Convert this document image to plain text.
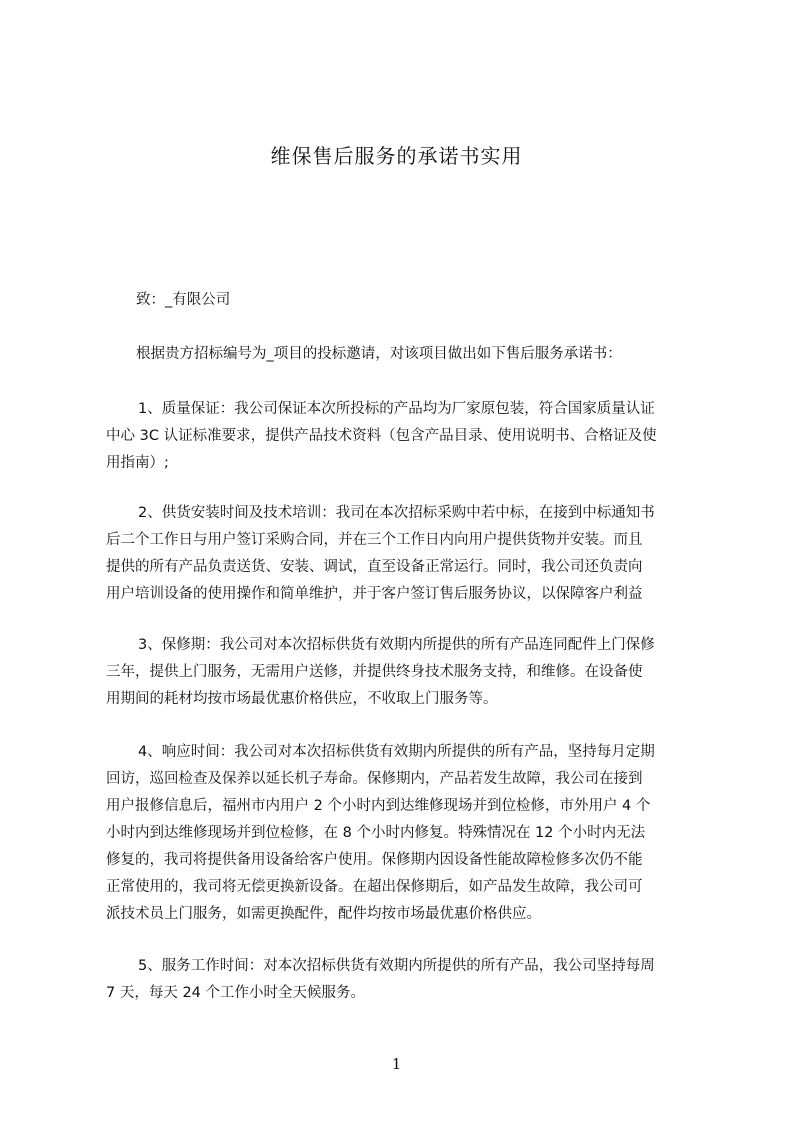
维保售后服务的承诺书实用
致：_有限公司
根据贵方招标编号为_项目的投标邀请，对该项目做出如下售后服务承诺书：
1、质量保证：我公司保证本次所投标的产品均为厂家原包装，符合国家质量认证
中心 3C 认证标准要求，提供产品技术资料（包含产品目录、使用说明书、合格证及使
用指南）;
2、供货安装时间及技术培训：我司在本次招标采购中若中标，在接到中标通知书
后二个工作日与用户签订采购合同，并在三个工作日内向用户提供货物并安装。而且
提供的所有产品负责送货、安装、调试，直至设备正常运行。同时，我公司还负责向
用户培训设备的使用操作和简单维护，并于客户签订售后服务协议，以保障客户利益
3、保修期：我公司对本次招标供货有效期内所提供的所有产品连同配件上门保修
三年，提供上门服务，无需用户送修，并提供终身技术服务支持，和维修。在设备使
用期间的耗材均按市场最优惠价格供应，不收取上门服务等。
4、响应时间：我公司对本次招标供货有效期内所提供的所有产品，坚持每月定期
回访，巡回检查及保养以延长机子寿命。保修期内，产品若发生故障，我公司在接到
用户报修信息后，福州市内用户 2 个小时内到达维修现场并到位检修，市外用户 4 个
小时内到达维修现场并到位检修，在 8 个小时内修复。特殊情况在 12 个小时内无法
修复的，我司将提供备用设备给客户使用。保修期内因设备性能故障检修多次仍不能
正常使用的，我司将无偿更换新设备。在超出保修期后，如产品发生故障，我公司可
派技术员上门服务，如需更换配件，配件均按市场最优惠价格供应。
5、服务工作时间：对本次招标供货有效期内所提供的所有产品，我公司坚持每周
7 天，每天 24 个工作小时全天候服务。
1
